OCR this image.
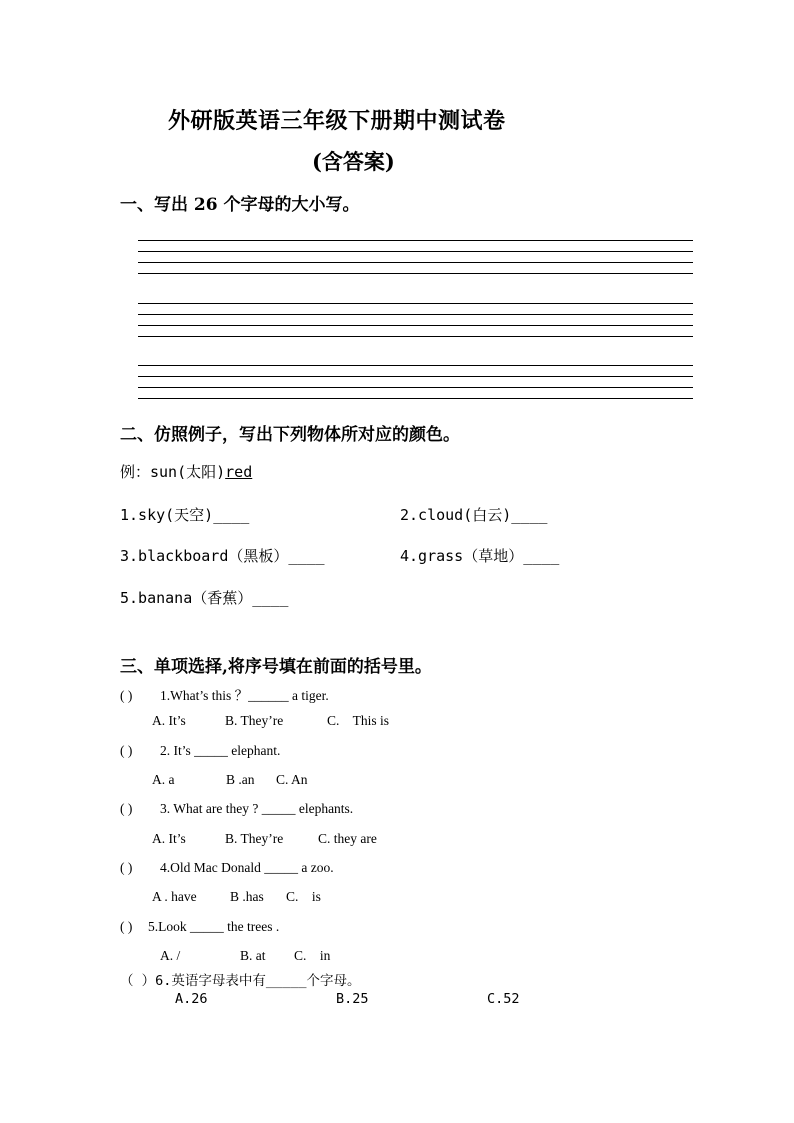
外研版英语三年级下册期中测试卷
(含答案)
一、写出 26 个字母的大小写。
二、仿照例子，写出下列物体所对应的颜色。
例：sun(太阳)red
1.sky(天空)____	2.cloud(白云)____
3.blackboard（黑板）____	4.grass（草地）____
5.banana（香蕉）____
三、单项选择,将序号填在前面的括号里。
( ) 1.What’s this ？______ a tiger.
A. It’s	B. They’re	C.    This is
( ) 2. It’s _____ elephant.
A. a	B .an C. An
( ) 3. What are they ? _____ elephants.
A. It’s	B. They’re	C. they are
( ) 4.Old Mac Donald _____ a zoo.
A . have B .has C.    is
( ) 5.Look _____ the trees .
A. /	B. at C.    in
（ ）6.英语字母表中有_____个字母。
A.26	B.25	C.52
